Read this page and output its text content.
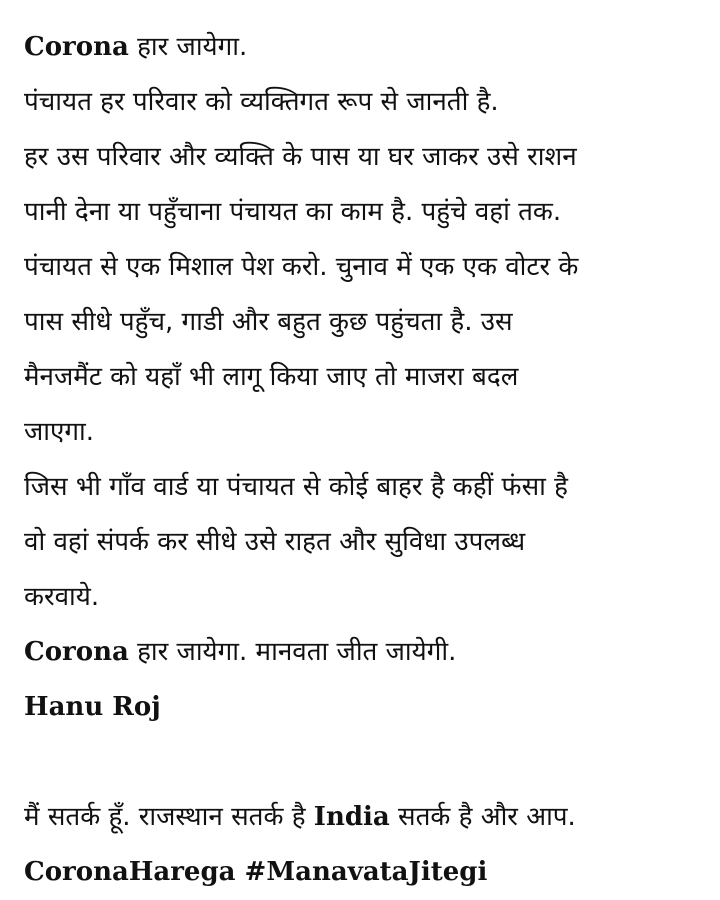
Corona हार जायेगा.
पंचायत हर परिवार को व्यक्तिगत रूप से जानती है.
हर उस परिवार और व्यक्ति के पास या घर जाकर उसे राशन
पानी देना या पहुँचाना पंचायत का काम है. पहुंचे वहां तक.
पंचायत से एक मिशाल पेश करो. चुनाव में एक एक वोटर के
पास सीधे पहुँच, गाडी और बहुत कुछ पहुंचता है. उस
मैनजमैंट को यहाँ भी लागू किया जाए तो माजरा बदल
जाएगा.
जिस भी गाँव वार्ड या पंचायत से कोई बाहर है कहीं फंसा है
वो वहां संपर्क कर सीधे उसे राहत और सुविधा उपलब्ध
करवाये.
Corona हार जायेगा. मानवता जीत जायेगी.
Hanu Roj
मैं सतर्क हूँ. राजस्थान सतर्क है India सतर्क है और आप.
CoronaHarega #ManavataJitegi
